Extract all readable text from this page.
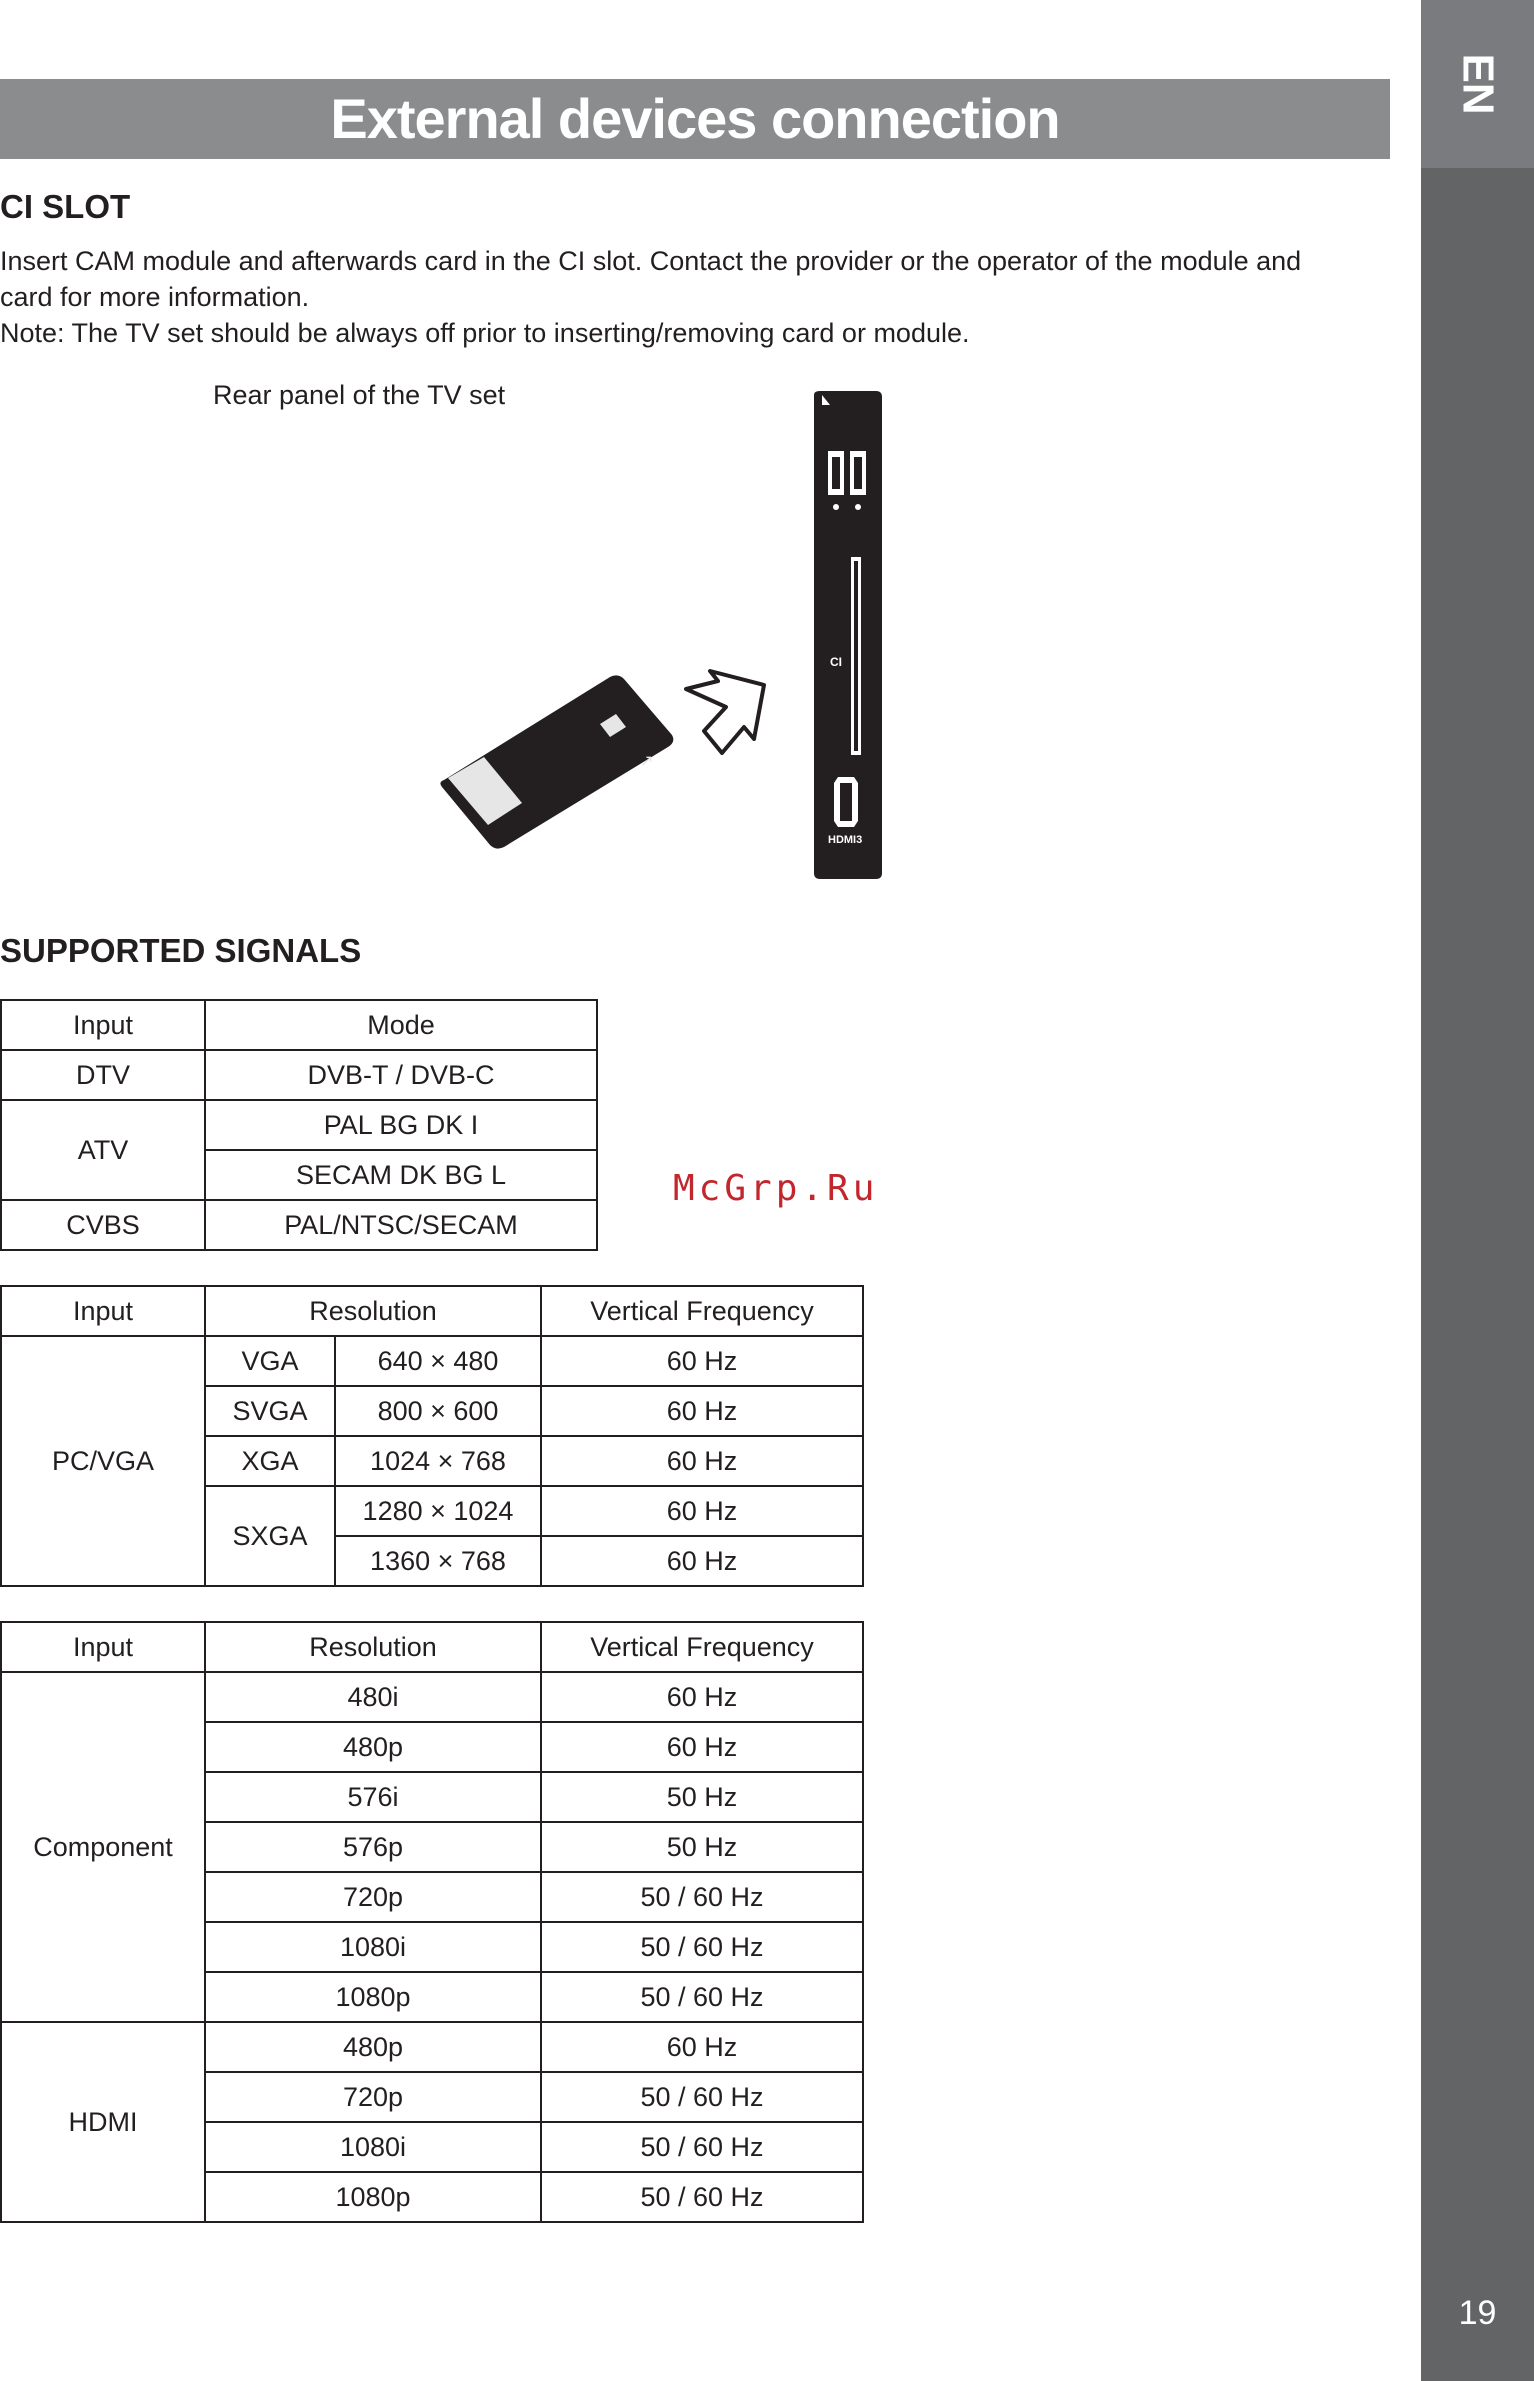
EN
19
External devices connection
CI SLOT
Insert CAM module and afterwards card in the CI slot. Contact the provider or the operator of the module and
card for more information.
Note: The TV set should be always off prior to inserting/removing card or module.
Rear panel of the TV set
↗
CI
HDMI3
SUPPORTED SIGNALS
Input	Mode
DTV	DVB-T / DVB-C
ATV	PAL BG DK I
	SECAM DK BG L
CVBS	PAL/NTSC/SECAM
McGrp.Ru
Input	Resolution		Vertical Frequency
PC/VGA	VGA	640 × 480	60 Hz
	SVGA	800 × 600	60 Hz
	XGA	1024 × 768	60 Hz
	SXGA	1280 × 1024	60 Hz
		1360 × 768	60 Hz
Input	Resolution	Vertical Frequency
Component	480i	60 Hz
	480p	60 Hz
	576i	50 Hz
	576p	50 Hz
	720p	50 / 60 Hz
	1080i	50 / 60 Hz
	1080p	50 / 60 Hz
HDMI	480p	60 Hz
	720p	50 / 60 Hz
	1080i	50 / 60 Hz
	1080p	50 / 60 Hz
